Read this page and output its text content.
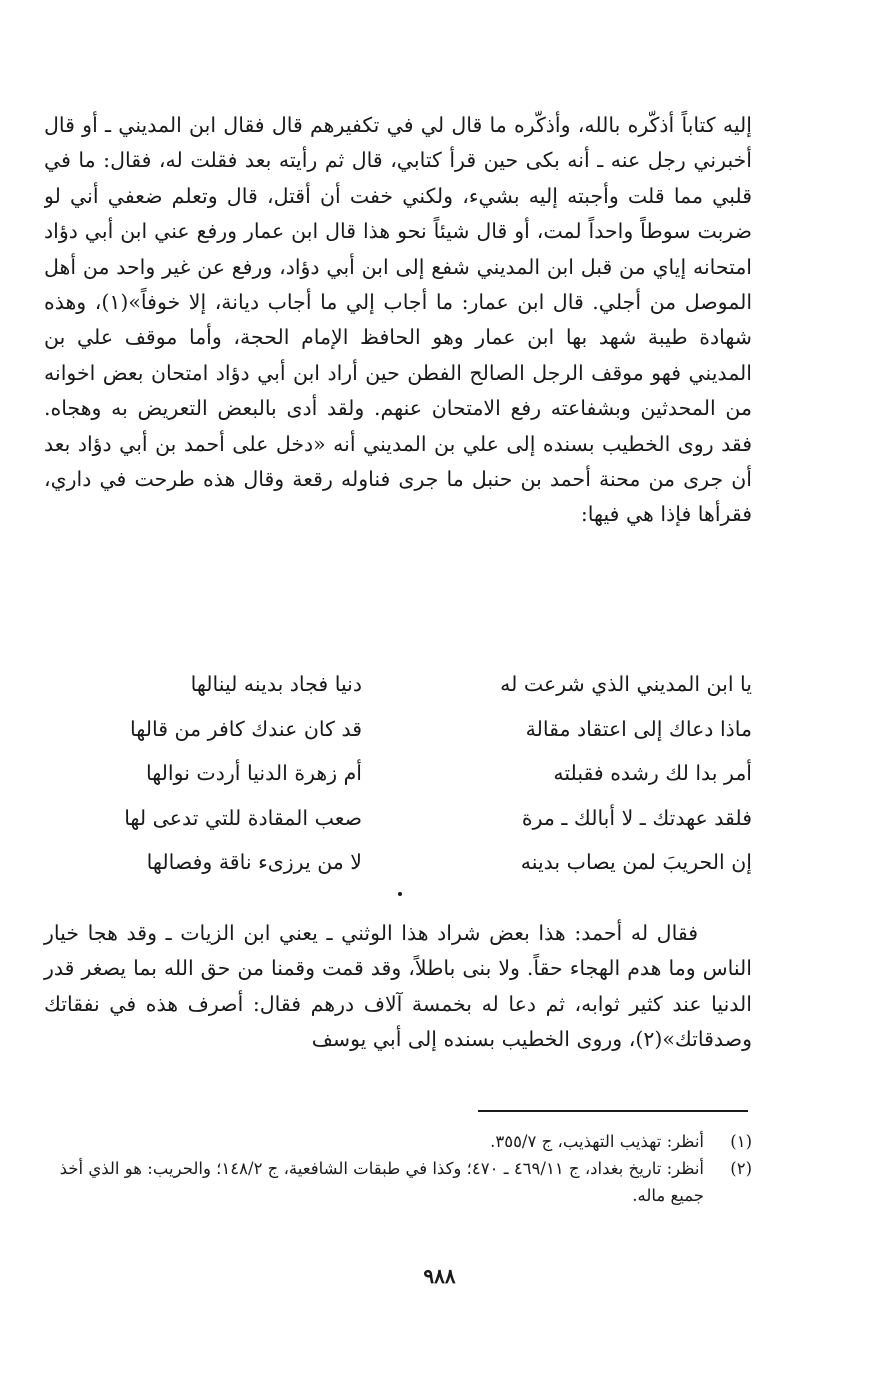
إليه كتاباً أذكّره بالله، وأذكّره ما قال لي في تكفيرهم قال فقال ابن المديني ـ أو قال أخبرني رجل عنه ـ أنه بكى حين قرأ كتابي، قال ثم رأيته بعد فقلت له، فقال: ما في قلبي مما قلت وأجبته إليه بشيء، ولكني خفت أن أقتل، قال وتعلم ضعفي أني لو ضربت سوطاً واحداً لمت، أو قال شيئاً نحو هذا قال ابن عمار ورفع عني ابن أبي دؤاد امتحانه إياي من قبل ابن المديني شفع إلى ابن أبي دؤاد، ورفع عن غير واحد من أهل الموصل من أجلي. قال ابن عمار: ما أجاب إلي ما أجاب ديانة، إلا خوفاً»(١)، وهذه شهادة طيبة شهد بها ابن عمار وهو الحافظ الإمام الحجة، وأما موقف علي بن المديني فهو موقف الرجل الصالح الفطن حين أراد ابن أبي دؤاد امتحان بعض اخوانه من المحدثين وبشفاعته رفع الامتحان عنهم. ولقد أدى بالبعض التعريض به وهجاه. فقد روى الخطيب بسنده إلى علي بن المديني أنه «دخل على أحمد بن أبي دؤاد بعد أن جرى من محنة أحمد بن حنبل ما جرى فناوله رقعة وقال هذه طرحت في داري، فقرأها فإذا هي فيها:

يا ابن المديني الذي شرعت له
دنيا فجاد بدينه لينالها
ماذا دعاك إلى اعتقاد مقالة
قد كان عندك كافر من قالها
أمر بدا لك رشده فقبلته
أم زهرة الدنيا أردت نوالها
فلقد عهدتك ـ لا أبالك ـ مرة
صعب المقادة للتي تدعى لها
إن الحريبَ لمن يصاب بدينه
لا من يرزىء ناقة وفصالها

فقال له أحمد: هذا بعض شراد هذا الوثني ـ يعني ابن الزيات ـ وقد هجا خيار الناس وما هدم الهجاء حقاً. ولا بنى باطلاً، وقد قمت وقمنا من حق الله بما يصغر قدر الدنيا عند كثير ثوابه، ثم دعا له بخمسة آلاف درهم فقال: أصرف هذه في نفقاتك وصدقاتك»(٢)، وروى الخطيب بسنده إلى أبي يوسف

(١)
أنظر: تهذيب التهذيب، ج ٣٥٥/٧.
(٢)
أنظر: تاريخ بغداد، ج ٤٦٩/١١ ـ ٤٧٠؛ وكذا في طبقات الشافعية، ج ١٤٨/٢؛ والحريب: هو الذي أخذ جميع ماله.
٩٨٨
